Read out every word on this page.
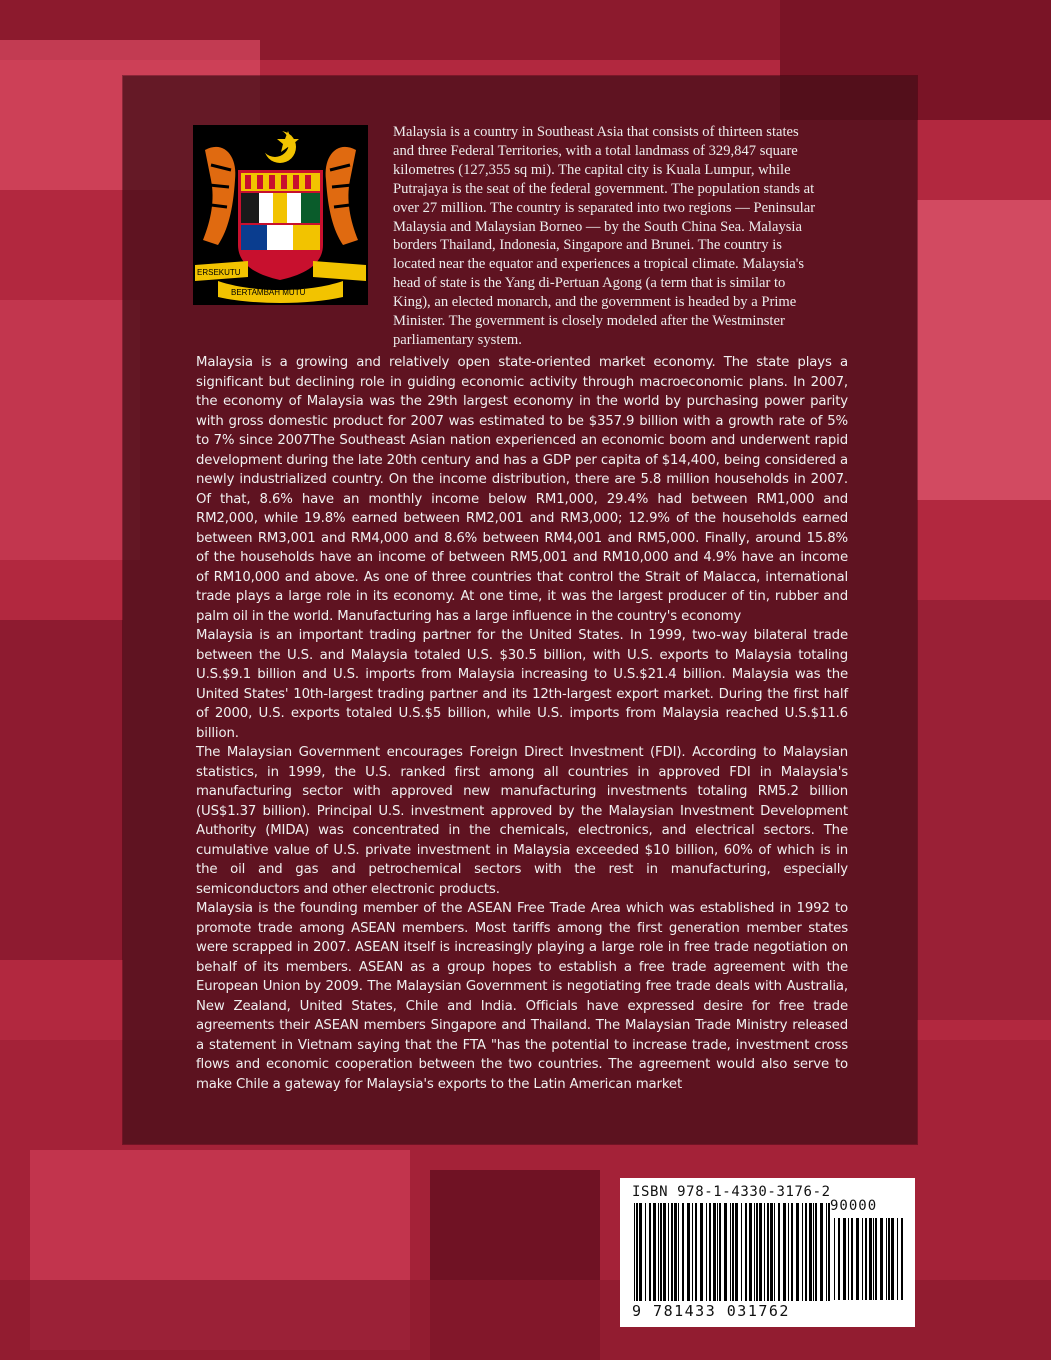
ERSEKUTU
BERTAMBAH MUTU
Malaysia is a country in Southeast Asia that consists of thirteen states and three Federal Territories, with a total landmass of 329,847 square kilometres (127,355 sq mi). The capital city is Kuala Lumpur, while Putrajaya is the seat of the federal government. The population stands at over 27 million. The country is separated into two regions — Peninsular Malaysia and Malaysian Borneo — by the South China Sea. Malaysia borders Thailand, Indonesia, Singapore and Brunei. The country is located near the equator and experiences a tropical climate. Malaysia's head of state is the Yang di-Pertuan Agong (a term that is similar to King), an elected monarch, and the government is headed by a Prime Minister. The government is closely modeled after the Westminster parliamentary system.

Malaysia is a growing and relatively open state-oriented market economy. The state plays a significant but declining role in guiding economic activity through macroeconomic plans. In 2007, the economy of Malaysia was the 29th largest economy in the world by purchasing power parity with gross domestic product for 2007 was estimated to be $357.9 billion with a growth rate of 5% to 7% since 2007The Southeast Asian nation experienced an economic boom and underwent rapid development during the late 20th century and has a GDP per capita of $14,400, being considered a newly industrialized country. On the income distribution, there are 5.8 million households in 2007. Of that, 8.6% have an monthly income below RM1,000, 29.4% had between RM1,000 and RM2,000, while 19.8% earned between RM2,001 and RM3,000; 12.9% of the households earned between RM3,001 and RM4,000 and 8.6% between RM4,001 and RM5,000. Finally, around 15.8% of the households have an income of between RM5,001 and RM10,000 and 4.9% have an income of RM10,000 and above. As one of three countries that control the Strait of Malacca, international trade plays a large role in its economy. At one time, it was the largest producer of tin, rubber and palm oil in the world. Manufacturing has a large influence in the country's economy

Malaysia is an important trading partner for the United States. In 1999, two-way bilateral trade between the U.S. and Malaysia totaled U.S. $30.5 billion, with U.S. exports to Malaysia totaling U.S.$9.1 billion and U.S. imports from Malaysia increasing to U.S.$21.4 billion. Malaysia was the United States' 10th-largest trading partner and its 12th-largest export market. During the first half of 2000, U.S. exports totaled U.S.$5 billion, while U.S. imports from Malaysia reached U.S.$11.6 billion.

The Malaysian Government encourages Foreign Direct Investment (FDI). According to Malaysian statistics, in 1999, the U.S. ranked first among all countries in approved FDI in Malaysia's manufacturing sector with approved new manufacturing investments totaling RM5.2 billion (US$1.37 billion). Principal U.S. investment approved by the Malaysian Investment Development Authority (MIDA) was concentrated in the chemicals, electronics, and electrical sectors. The cumulative value of U.S. private investment in Malaysia exceeded $10 billion, 60% of which is in the oil and gas and petrochemical sectors with the rest in manufacturing, especially semiconductors and other electronic products.

Malaysia is the founding member of the ASEAN Free Trade Area which was established in 1992 to promote trade among ASEAN members. Most tariffs among the first generation member states were scrapped in 2007. ASEAN itself is increasingly playing a large role in free trade negotiation on behalf of its members. ASEAN as a group hopes to establish a free trade agreement with the European Union by 2009. The Malaysian Government is negotiating free trade deals with Australia, New Zealand, United States, Chile and India. Officials have expressed desire for free trade agreements their ASEAN members Singapore and Thailand. The Malaysian Trade Ministry released a statement in Vietnam saying that the FTA "has the potential to increase trade, investment cross flows and economic cooperation between the two countries. The agreement would also serve to make Chile a gateway for Malaysia's exports to the Latin American market

ISBN 978-1-4330-3176-2
90000
9 781433 031762
